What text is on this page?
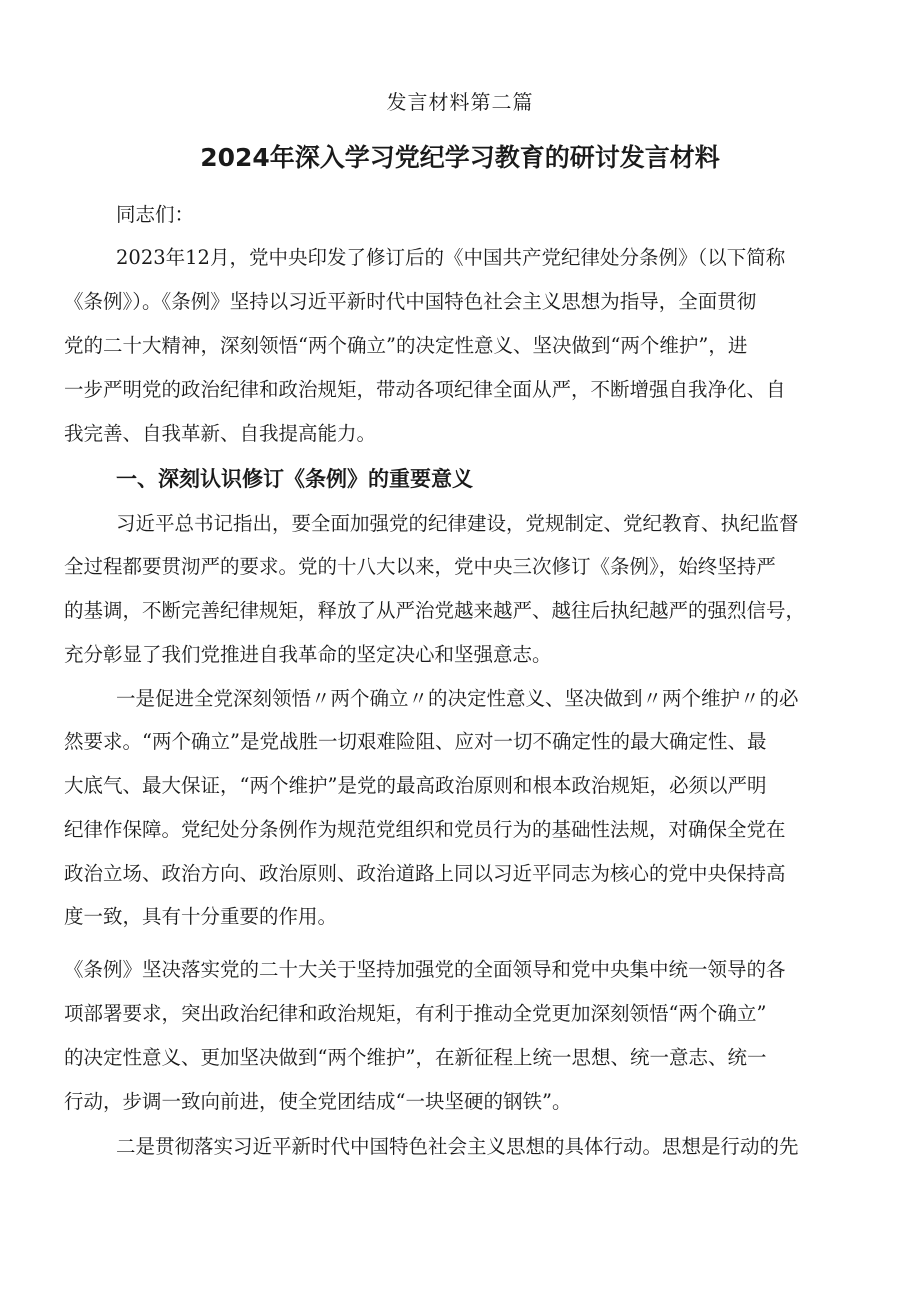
发言材料第二篇
2024年深入学习党纪学习教育的研讨发言材料
同志们：
2023年12月，党中央印发了修订后的《中国共产党纪律处分条例》（以下简称
《条例》）。《条例》坚持以习近平新时代中国特色社会主义思想为指导，全面贯彻
党的二十大精神，深刻领悟“两个确立”的决定性意义、坚决做到“两个维护”，进
一步严明党的政治纪律和政治规矩，带动各项纪律全面从严，不断增强自我净化、自
我完善、自我革新、自我提高能力。
一、深刻认识修订《条例》的重要意义
习近平总书记指出，要全面加强党的纪律建设，党规制定、党纪教育、执纪监督
全过程都要贯沏严的要求。党的十八大以来，党中央三次修订《条例》，始终坚持严
的基调，不断完善纪律规矩，释放了从严治党越来越严、越往后执纪越严的强烈信号，
充分彰显了我们党推进自我革命的坚定决心和坚强意志。
一是促进全党深刻领悟〃两个确立〃的决定性意义、坚决做到〃两个维护〃的必
然要求。“两个确立”是党战胜一切艰难险阻、应对一切不确定性的最大确定性、最
大底气、最大保证，“两个维护”是党的最高政治原则和根本政治规矩，必须以严明
纪律作保障。党纪处分条例作为规范党组织和党员行为的基础性法规，对确保全党在
政治立场、政治方向、政治原则、政治道路上同以习近平同志为核心的党中央保持高
度一致，具有十分重要的作用。
《条例》坚决落实党的二十大关于坚持加强党的全面领导和党中央集中统一领导的各
项部署要求，突出政治纪律和政治规矩，有利于推动全党更加深刻领悟“两个确立”
的决定性意义、更加坚决做到“两个维护”，在新征程上统一思想、统一意志、统一
行动，步调一致向前进，使全党团结成“一块坚硬的钢铁”。
二是贯彻落实习近平新时代中国特色社会主义思想的具体行动。思想是行动的先
